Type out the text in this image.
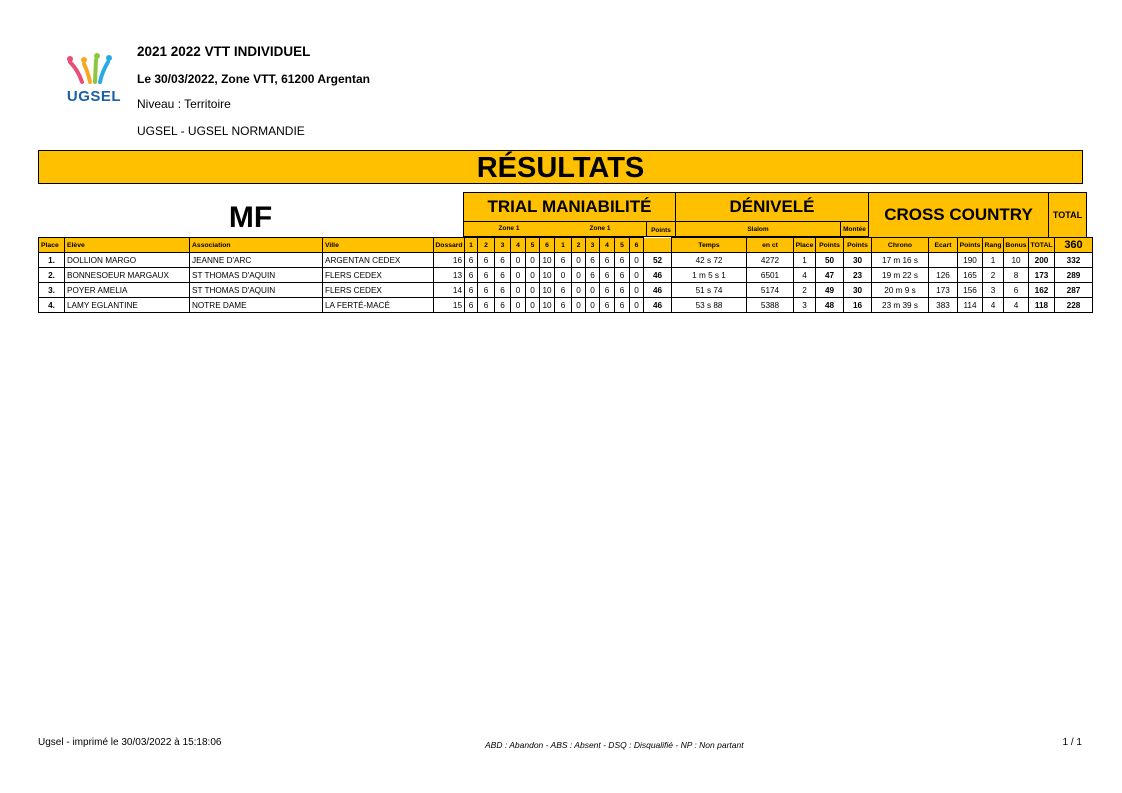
UGSEL
2021 2022 VTT INDIVIDUEL
Le 30/03/2022, Zone VTT, 61200 Argentan
Niveau : Territoire
UGSEL - UGSEL NORMANDIE
RÉSULTATS
MF	TRIAL MANIABILITÉ	DÉNIVELÉ		CROSS COUNTRY	TOTAL

Zone 1 Zone 1 Points	Slalom	Montée		
Place	Elève	Association	Ville	Dossard	1	2	3	4	5	6	1	2	3	4	5	6		Temps	en ct	Place	Points	Points	Chrono	Ecart	Points	Rang	Bonus	TOTAL	360
1.	DOLLION MARGO	JEANNE D'ARC	ARGENTAN CEDEX	16	6	6	6	0	0	10	6	0	6	6	6	0	52	42 s 72	4272	1	50	30	17 m 16 s		190	1	10	200	332
2.	BONNESOEUR MARGAUX	ST THOMAS D'AQUIN	FLERS CEDEX	13	6	6	6	0	0	10	0	0	6	6	6	0	46	1 m 5 s 1	6501	4	47	23	19 m 22 s	126	165	2	8	173	289
3.	POYER AMELIA	ST THOMAS D'AQUIN	FLERS CEDEX	14	6	6	6	0	0	10	6	0	0	6	6	0	46	51 s 74	5174	2	49	30	20 m 9 s	173	156	3	6	162	287
4.	LAMY EGLANTINE	NOTRE DAME	LA FERTÉ-MACÉ	15	6	6	6	0	0	10	6	0	0	6	6	0	46	53 s 88	5388	3	48	16	23 m 39 s	383	114	4	4	118	228
Ugsel - imprimé le 30/03/2022 à 15:18:06	ABD : Abandon - ABS : Absent - DSQ : Disqualifié - NP : Non partant	1 / 1
